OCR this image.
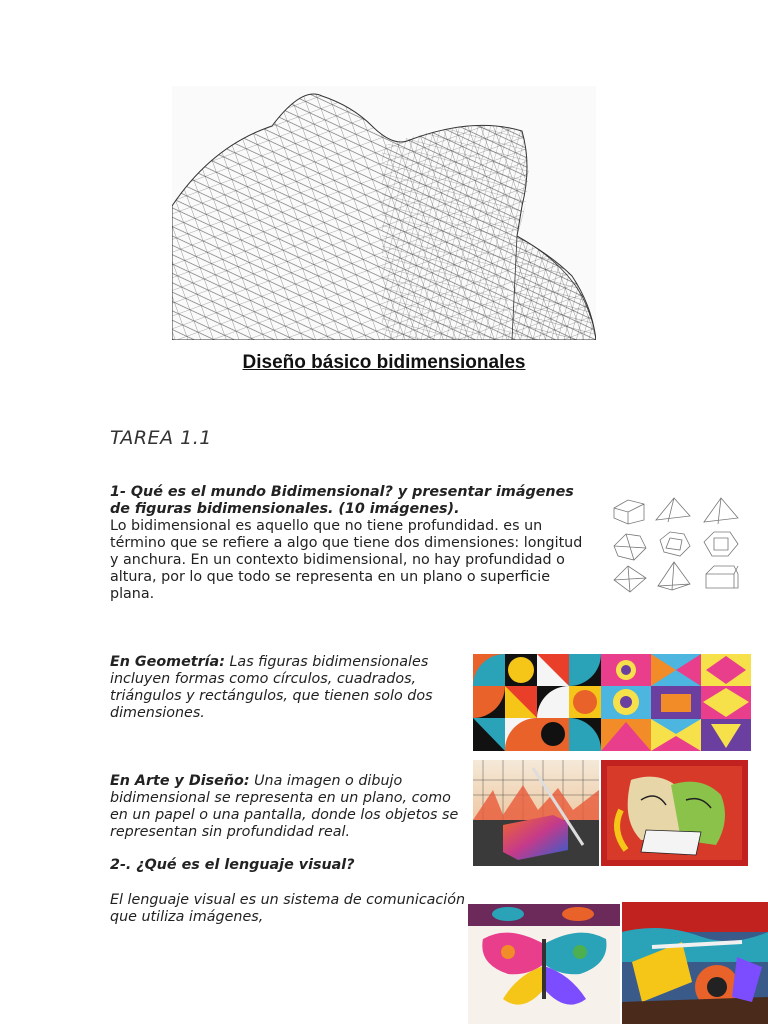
Diseño básico bidimensionales
TAREA 1.1
1- Qué es el mundo Bidimensional? y presentar imágenes de figuras bidimensionales. (10 imágenes).
Lo bidimensional es aquello que no tiene profundidad. es un término que se refiere a algo que tiene dos dimensiones: longitud y anchura. En un contexto bidimensional, no hay profundidad o altura, por lo que todo se representa en un plano o superficie plana.
En Geometría: Las figuras bidimensionales incluyen formas como círculos, cuadrados, triángulos y rectángulos, que tienen solo dos dimensiones.
En Arte y Diseño: Una imagen o dibujo bidimensional se representa en un plano, como en un papel o una pantalla, donde los objetos se representan sin profundidad real.
2-. ¿Qué es el lenguaje visual?
El lenguaje visual es un sistema de comunicación que utiliza imágenes,
